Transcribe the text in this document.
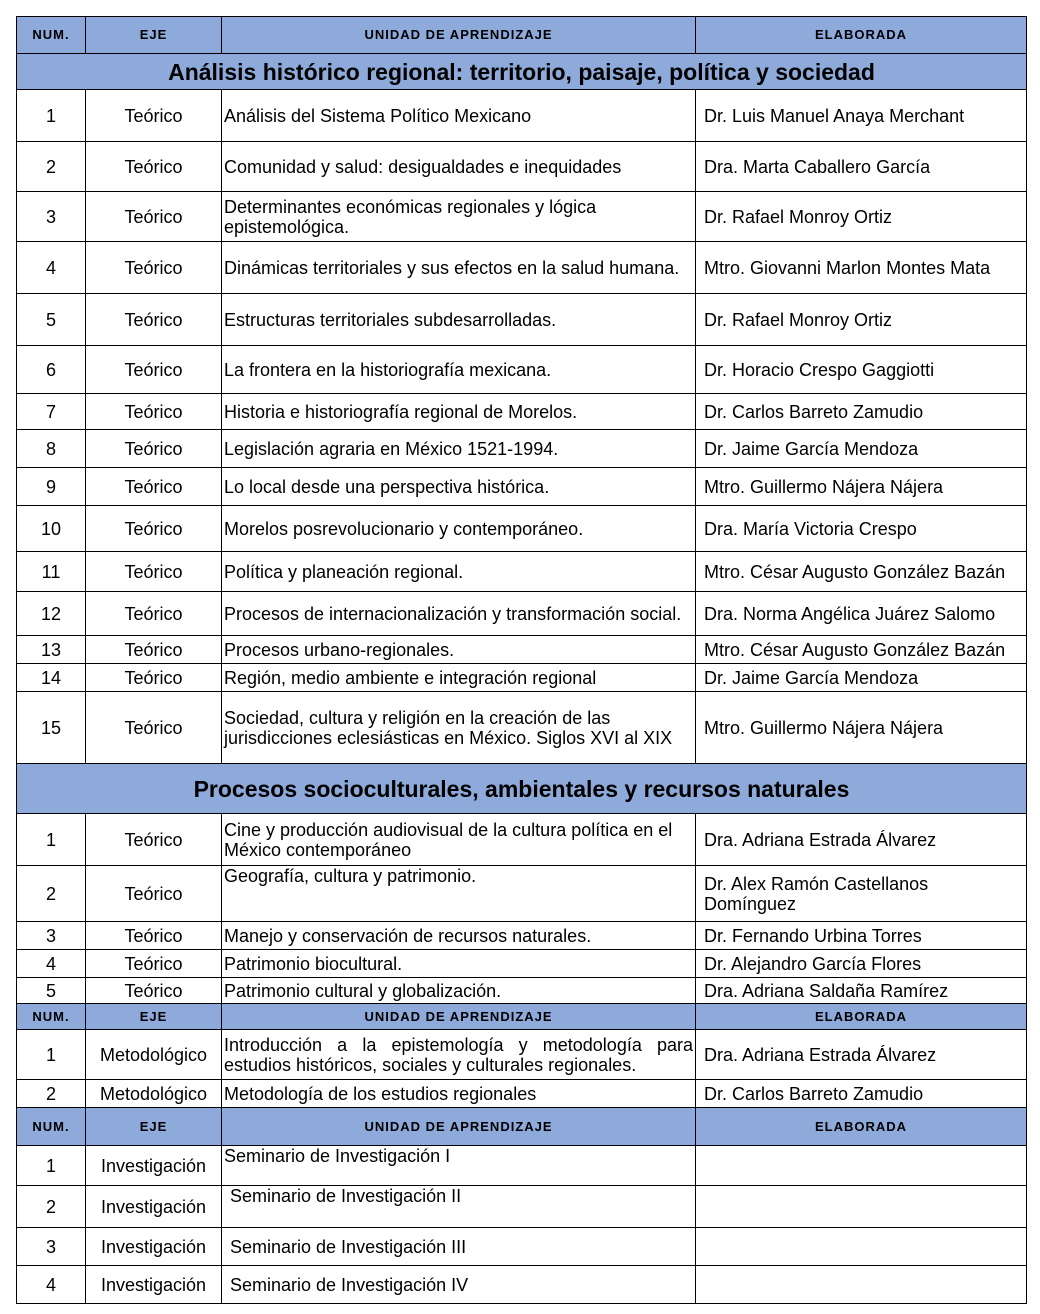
NUM.	EJE	UNIDAD DE APRENDIZAJE	ELABORADA
Análisis histórico regional: territorio, paisaje, política y sociedad			
1	Teórico	Análisis del Sistema Político Mexicano	Dr. Luis Manuel Anaya Merchant
2	Teórico	Comunidad y salud: desigualdades e inequidades	Dra. Marta Caballero García
3	Teórico	Determinantes económicas regionales y lógica epistemológica.	Dr. Rafael Monroy Ortiz
4	Teórico	Dinámicas territoriales y sus efectos en la salud humana.	Mtro. Giovanni Marlon Montes Mata
5	Teórico	Estructuras territoriales subdesarrolladas.	Dr. Rafael Monroy Ortiz
6	Teórico	La frontera en la historiografía mexicana.	Dr. Horacio Crespo Gaggiotti
7	Teórico	Historia e historiografía regional de Morelos.	Dr. Carlos Barreto Zamudio
8	Teórico	Legislación agraria en México 1521-1994.	Dr. Jaime García Mendoza
9	Teórico	Lo local desde una perspectiva histórica.	Mtro. Guillermo Nájera Nájera
10	Teórico	Morelos posrevolucionario y contemporáneo.	Dra. María Victoria Crespo
11	Teórico	Política y planeación regional.	Mtro. César Augusto González Bazán
12	Teórico	Procesos de internacionalización y transformación social.	Dra. Norma Angélica Juárez Salomo
13	Teórico	Procesos urbano-regionales.	Mtro. César Augusto González Bazán
14	Teórico	Región, medio ambiente e integración regional	Dr. Jaime García Mendoza
15	Teórico	Sociedad, cultura y religión en la creación de las jurisdicciones eclesiásticas en México. Siglos XVI al XIX	Mtro. Guillermo Nájera Nájera
Procesos socioculturales, ambientales y recursos naturales			
1	Teórico	Cine y producción audiovisual de la cultura política en el México contemporáneo	Dra. Adriana Estrada Álvarez
2	Teórico	Geografía, cultura y patrimonio.	Dr. Alex Ramón Castellanos Domínguez
3	Teórico	Manejo y conservación de recursos naturales.	Dr. Fernando Urbina Torres
4	Teórico	Patrimonio biocultural.	Dr. Alejandro García Flores
5	Teórico	Patrimonio cultural y globalización.	Dra. Adriana Saldaña Ramírez
NUM.	EJE	UNIDAD DE APRENDIZAJE	ELABORADA
1	Metodológico	Introducción a la epistemología y metodología para estudios históricos, sociales y culturales regionales.	Dra. Adriana Estrada Álvarez
2	Metodológico	Metodología de los estudios regionales	Dr. Carlos Barreto Zamudio
NUM.	EJE	UNIDAD DE APRENDIZAJE	ELABORADA
1	Investigación	Seminario de Investigación I	
2	Investigación	Seminario de Investigación II	
3	Investigación	Seminario de Investigación III	
4	Investigación	Seminario de Investigación IV	
